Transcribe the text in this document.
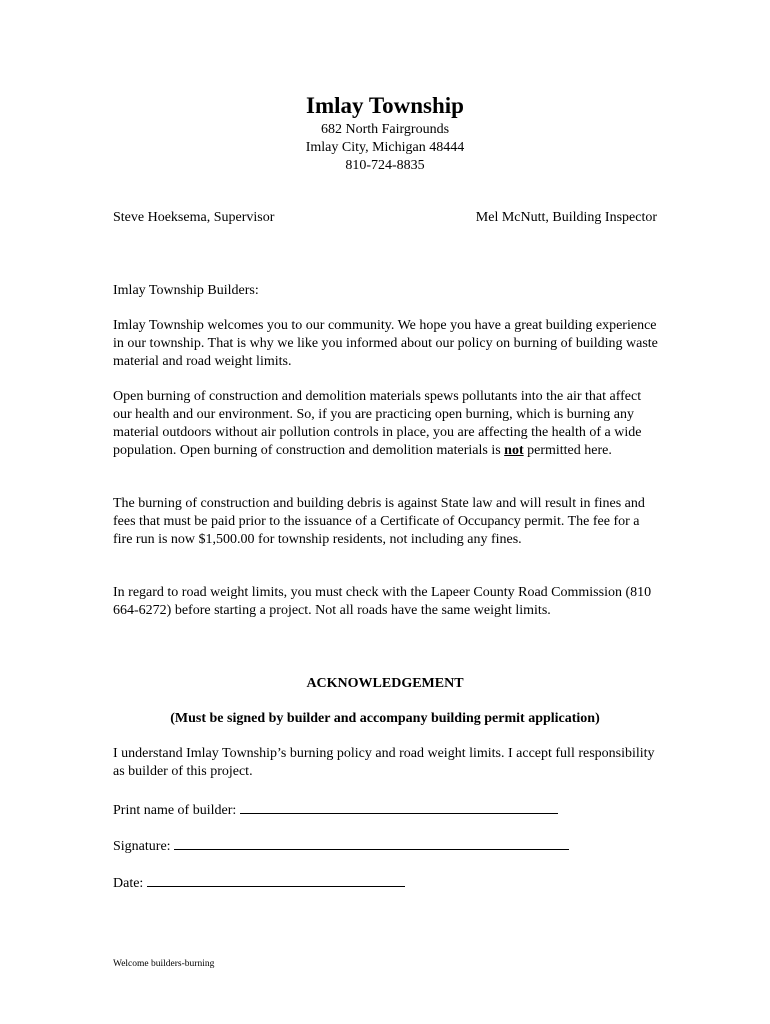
Imlay Township
682 North Fairgrounds
Imlay City, Michigan 48444
810-724-8835
Steve Hoeksema, Supervisor	Mel McNutt, Building Inspector

Imlay Township Builders:

Imlay Township welcomes you to our community. We hope you have a great building experience in our township. That is why we like you informed about our policy on burning of building waste material and road weight limits.

Open burning of construction and demolition materials spews pollutants into the air that affect our health and our environment. So, if you are practicing open burning, which is burning any material outdoors without air pollution controls in place, you are affecting the health of a wide population. Open burning of construction and demolition materials is not permitted here.

The burning of construction and building debris is against State law and will result in fines and fees that must be paid prior to the issuance of a Certificate of Occupancy permit. The fee for a fire run is now $1,500.00 for township residents, not including any fines.

In regard to road weight limits, you must check with the Lapeer County Road Commission (810 664-6272) before starting a project. Not all roads have the same weight limits.

ACKNOWLEDGEMENT
(Must be signed by builder and accompany building permit application)

I understand Imlay Township’s burning policy and road weight limits. I accept full responsibility as builder of this project.

Print name of builder:
Signature:
Date:
Welcome builders-burning
